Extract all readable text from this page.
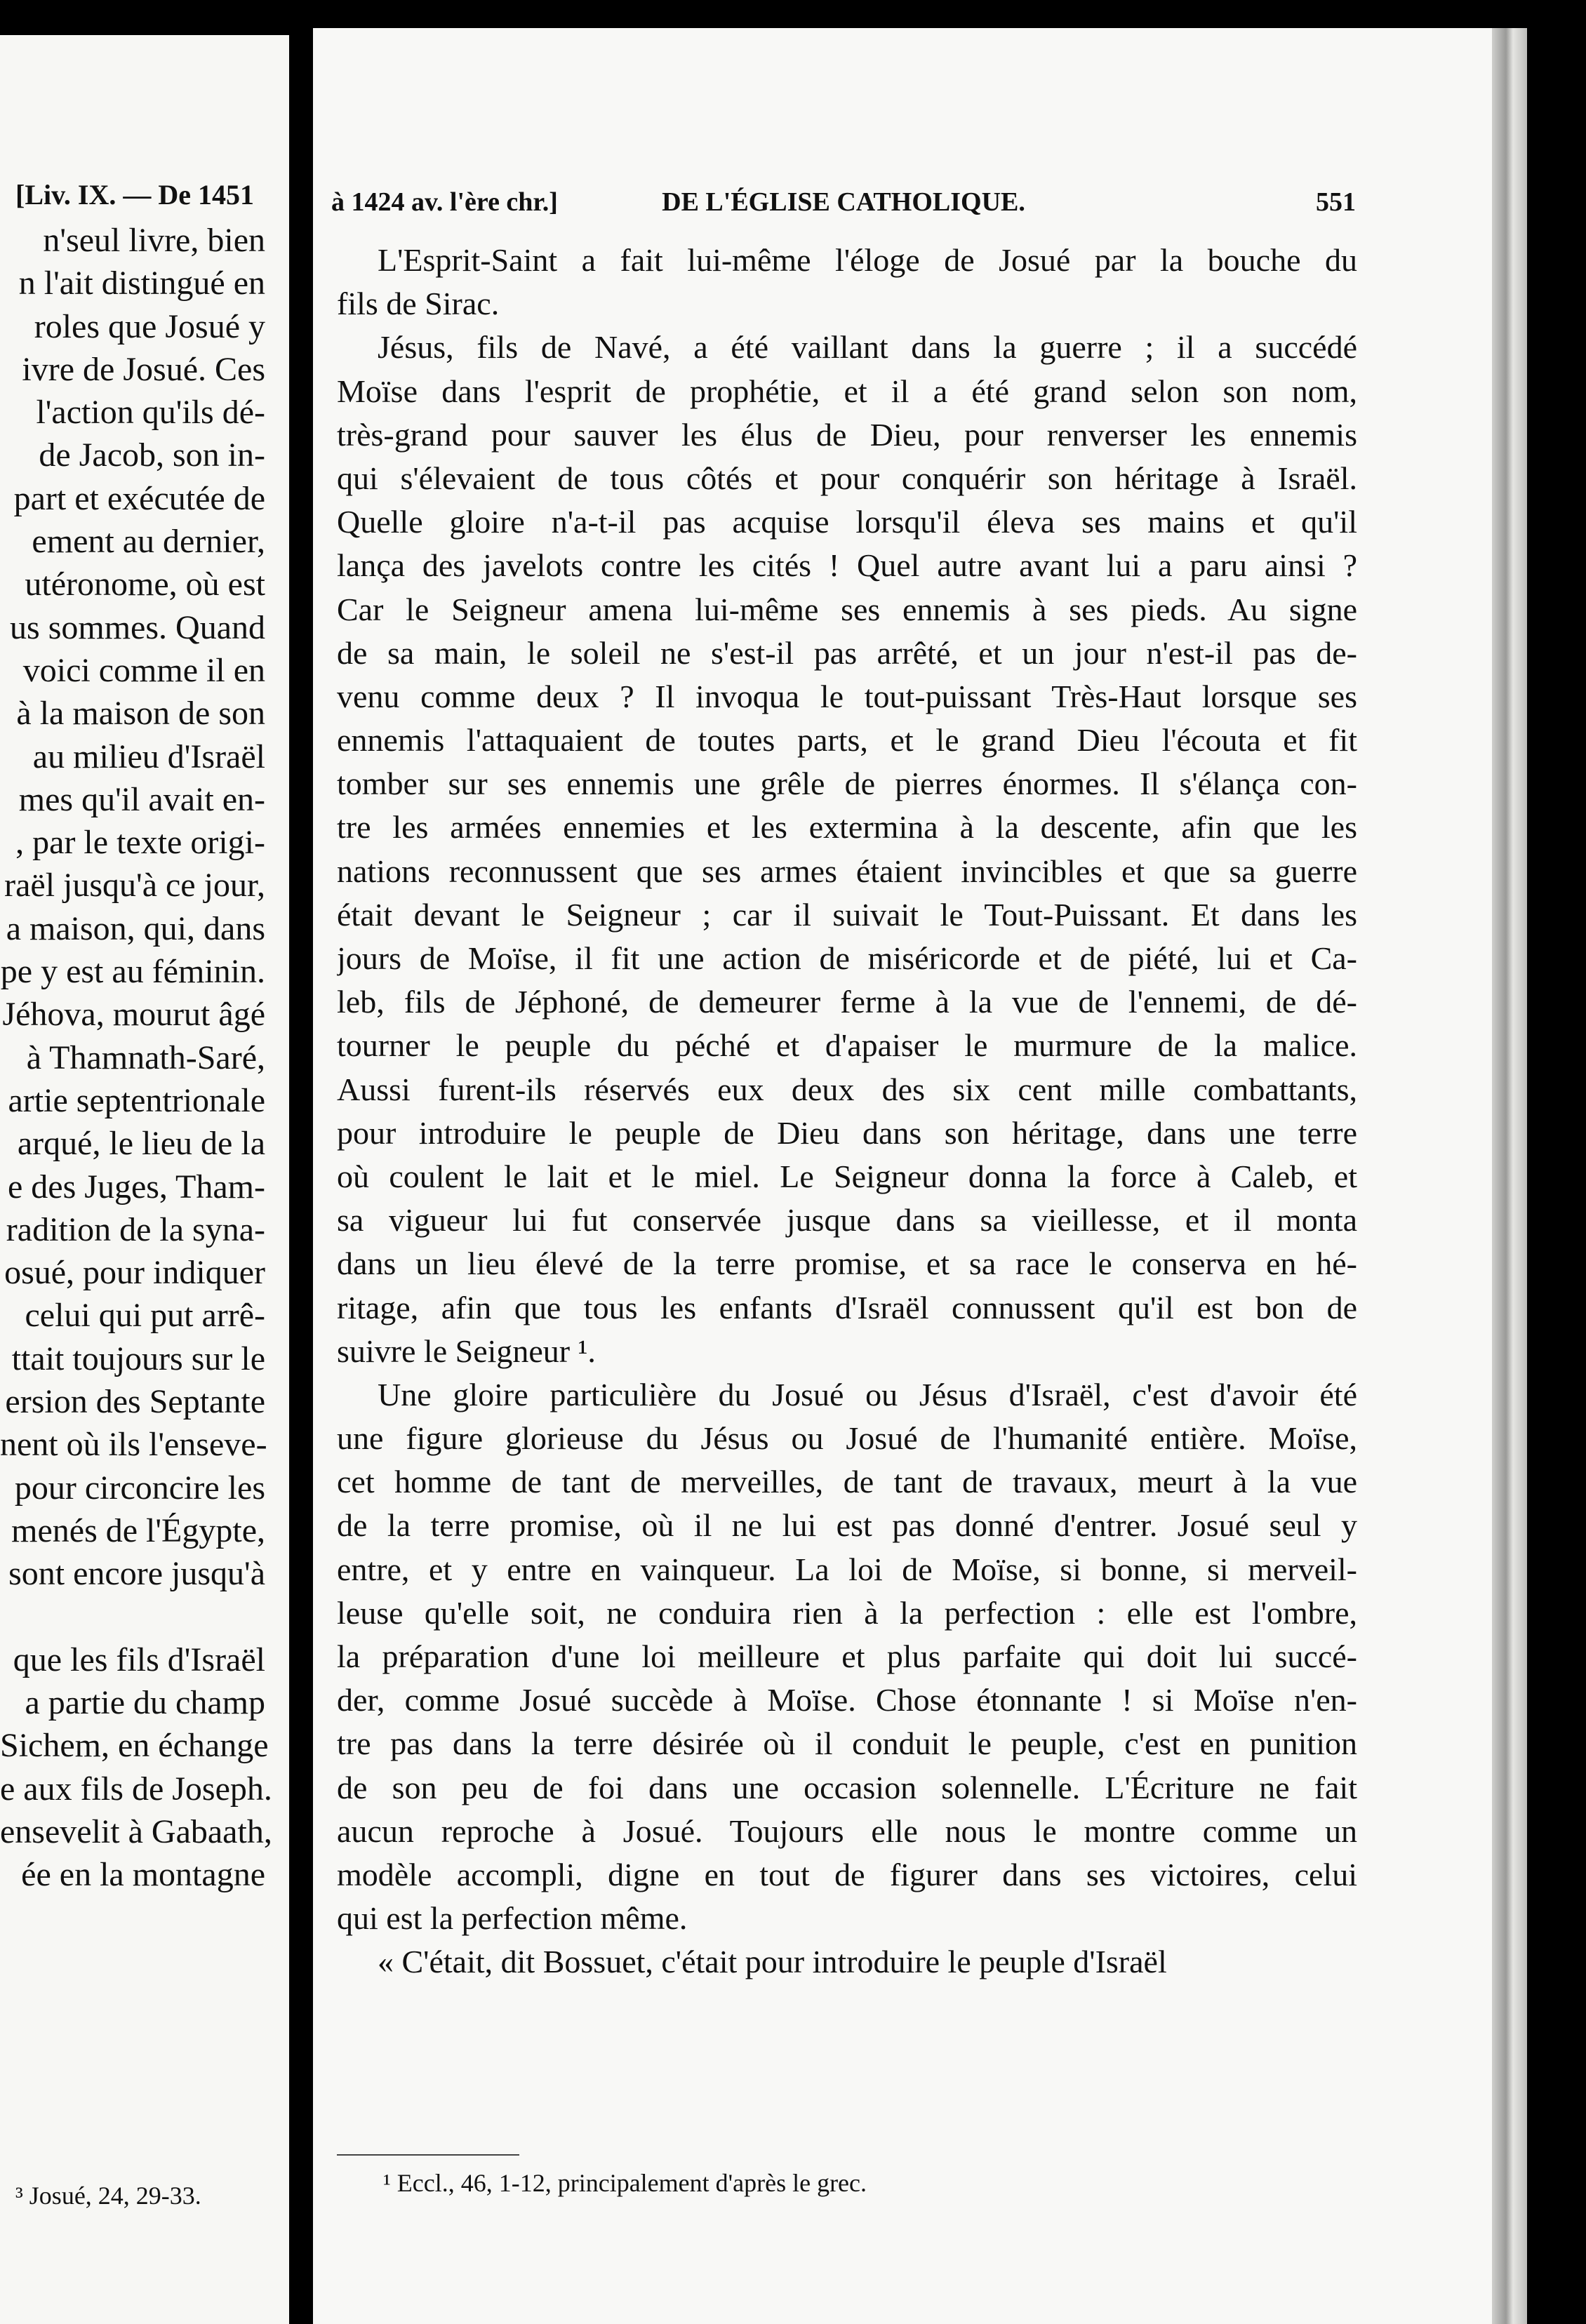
[Liv. IX. — De 1451
n'seul livre, bien
n l'ait distingué en
roles que Josué y
ivre de Josué. Ces
l'action qu'ils dé-
de Jacob, son in-
part et exécutée de
ement au dernier,
utéronome, où est
us sommes. Quand
voici comme il en
à la maison de son
au milieu d'Israël
mes qu'il avait en-
, par le texte origi-
raël jusqu'à ce jour,
a maison, qui, dans
pe y est au féminin.
Jéhova, mourut âgé
à Thamnath-Saré,
artie septentrionale
arqué, le lieu de la
e des Juges, Tham-
radition de la syna-
osué, pour indiquer
celui qui put arrê-
ttait toujours sur le
ersion des Septante
nent où ils l'enseve-
pour circoncire les
menés de l'Égypte,
sont encore jusqu'à
que les fils d'Israël
a partie du champ
Sichem, en échange
e aux fils de Joseph.
ensevelit à Gabaath,
ée en la montagne
³ Josué, 24, 29-33.
à 1424 av. l'ère chr.]	DE L'ÉGLISE CATHOLIQUE.	551
L'Esprit-Saint a fait lui-même l'éloge de Josué par la bouche du
fils de Sirac.
Jésus, fils de Navé, a été vaillant dans la guerre ; il a succédé
Moïse dans l'esprit de prophétie, et il a été grand selon son nom,
très-grand pour sauver les élus de Dieu, pour renverser les ennemis
qui s'élevaient de tous côtés et pour conquérir son héritage à Israël.
Quelle gloire n'a-t-il pas acquise lorsqu'il éleva ses mains et qu'il
lança des javelots contre les cités ! Quel autre avant lui a paru ainsi ?
Car le Seigneur amena lui-même ses ennemis à ses pieds. Au signe
de sa main, le soleil ne s'est-il pas arrêté, et un jour n'est-il pas de-
venu comme deux ? Il invoqua le tout-puissant Très-Haut lorsque ses
ennemis l'attaquaient de toutes parts, et le grand Dieu l'écouta et fit
tomber sur ses ennemis une grêle de pierres énormes. Il s'élança con-
tre les armées ennemies et les extermina à la descente, afin que les
nations reconnussent que ses armes étaient invincibles et que sa guerre
était devant le Seigneur ; car il suivait le Tout-Puissant. Et dans les
jours de Moïse, il fit une action de miséricorde et de piété, lui et Ca-
leb, fils de Jéphoné, de demeurer ferme à la vue de l'ennemi, de dé-
tourner le peuple du péché et d'apaiser le murmure de la malice.
Aussi furent-ils réservés eux deux des six cent mille combattants,
pour introduire le peuple de Dieu dans son héritage, dans une terre
où coulent le lait et le miel. Le Seigneur donna la force à Caleb, et
sa vigueur lui fut conservée jusque dans sa vieillesse, et il monta
dans un lieu élevé de la terre promise, et sa race le conserva en hé-
ritage, afin que tous les enfants d'Israël connussent qu'il est bon de
suivre le Seigneur ¹.
Une gloire particulière du Josué ou Jésus d'Israël, c'est d'avoir été
une figure glorieuse du Jésus ou Josué de l'humanité entière. Moïse,
cet homme de tant de merveilles, de tant de travaux, meurt à la vue
de la terre promise, où il ne lui est pas donné d'entrer. Josué seul y
entre, et y entre en vainqueur. La loi de Moïse, si bonne, si merveil-
leuse qu'elle soit, ne conduira rien à la perfection : elle est l'ombre,
la préparation d'une loi meilleure et plus parfaite qui doit lui succé-
der, comme Josué succède à Moïse. Chose étonnante ! si Moïse n'en-
tre pas dans la terre désirée où il conduit le peuple, c'est en punition
de son peu de foi dans une occasion solennelle. L'Écriture ne fait
aucun reproche à Josué. Toujours elle nous le montre comme un
modèle accompli, digne en tout de figurer dans ses victoires, celui
qui est la perfection même.
« C'était, dit Bossuet, c'était pour introduire le peuple d'Israël
¹ Eccl., 46, 1-12, principalement d'après le grec.
